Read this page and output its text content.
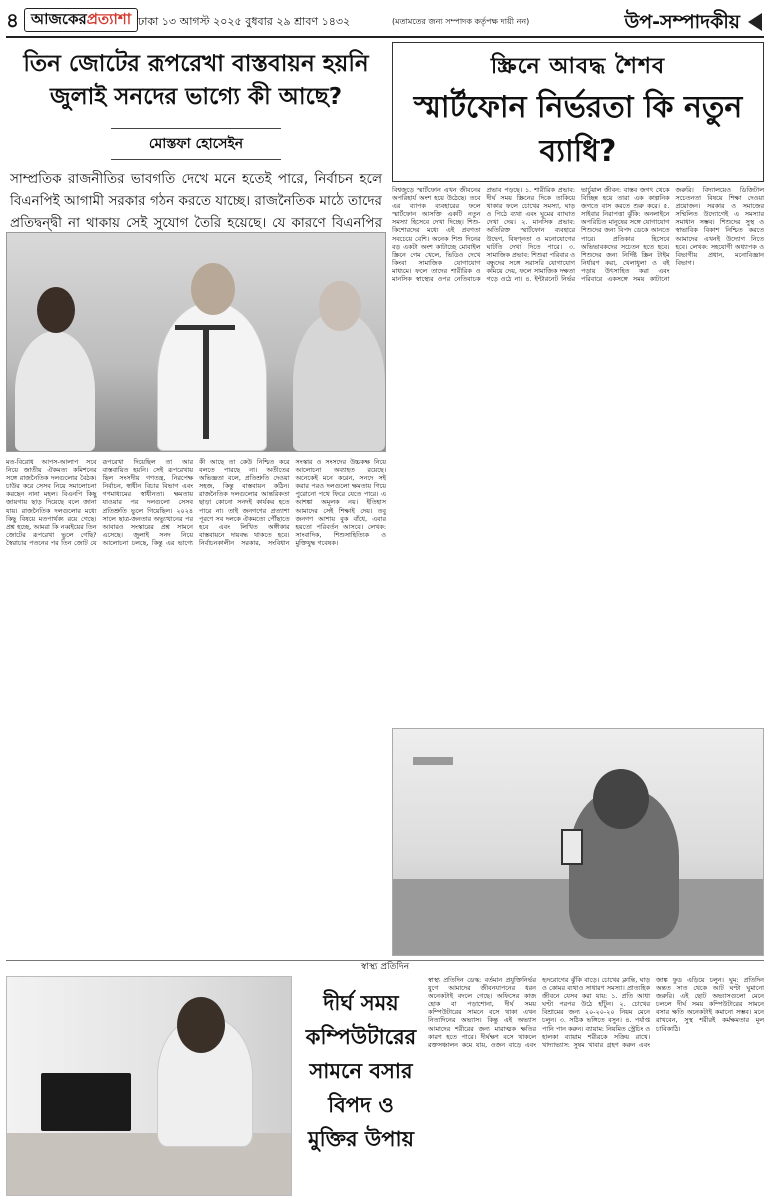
৪ আজকেরপ্রত্যাশা ঢাকা ১৩ আগস্ট ২০২৫ বুধবার ২৯ শ্রাবণ ১৪৩২	(মতামতের জন্য সম্পাদক কর্তৃপক্ষ দায়ী নন)	উপ-সম্পাদকীয়
তিন জোটের রূপরেখা বাস্তবায়ন হয়নি জুলাই সনদের ভাগ্যে কী আছে?
মোস্তফা হোসেইন

সাম্প্রতিক রাজনীতির ভাবগতি দেখে মনে হতেই পারে, নির্বাচন হলে বিএনপিই আগামী সরকার গঠন করতে যাচ্ছে। রাজনৈতিক মাঠে তাদের প্রতিদ্বন্দ্বী না থাকায় সেই সুযোগ তৈরি হয়েছে। যে কারণে বিএনপির

মত-বিরোধ আপস-আলাপ সবে নিয়ে জাতীয় ঐকমত্য কমিশনের সঙ্গে রাজনৈতিক দলগুলোর বৈঠক। চাউর করে সেসব নিয়ে সমালোচনা করছেন নানা মহল। বিএনপি কিছু জায়গায় ছাড় দিয়েছে বলে জানা যায়। রাজনৈতিক দলগুলোর মধ্যে কিছু বিষয়ে মতপার্থক্য রয়ে গেছে। প্রশ্ন হচ্ছে, আমরা কি নব্বইয়ের তিন জোটের রূপরেখা ভুলে গেছি? স্বৈরাচার পতনের পর তিন জোট যে রূপরেখা দিয়েছিল তা আর বাস্তবায়িত হয়নি। সেই রূপরেখায় ছিল সংসদীয় গণতন্ত্র, নিরপেক্ষ নির্বাচন, স্বাধীন বিচার বিভাগ এবং গণমাধ্যমের স্বাধীনতা। ক্ষমতায় যাওয়ার পর দলগুলো সেসব প্রতিশ্রুতি ভুলে গিয়েছিল। ২০২৪ সালে ছাত্র-জনতার অভ্যুত্থানের পর আবারও সংস্কারের প্রশ্ন সামনে এসেছে। জুলাই সনদ নিয়ে আলোচনা চলছে, কিন্তু এর ভাগ্যে কী আছে তা কেউ নিশ্চিত করে বলতে পারছে না। অতীতের অভিজ্ঞতা বলে, প্রতিশ্রুতি দেওয়া সহজ, কিন্তু বাস্তবায়ন কঠিন। রাজনৈতিক দলগুলোর আন্তরিকতা ছাড়া কোনো সনদই কার্যকর হতে পারে না। তাই জনগণের প্রত্যাশা পূরণে সব দলকে ঐকমত্যে পৌঁছাতে হবে এবং লিখিত অঙ্গীকার বাস্তবায়নে দায়বদ্ধ থাকতে হবে। নির্বাচনকালীন সরকার, সংবিধান সংস্কার ও সংসদের উচ্চকক্ষ নিয়ে আলোচনা অব্যাহত রয়েছে। অনেকেই মনে করেন, সনদে সই করার পরও দলগুলো ক্ষমতায় গিয়ে পুরোনো পথে ফিরে যেতে পারে। এ আশঙ্কা অমূলক নয়। ইতিহাস আমাদের সেই শিক্ষাই দেয়। তবু জনগণ আশায় বুক বাঁধে, এবার হয়তো পরিবর্তন আসবে। লেখক: সাংবাদিক, শিশুসাহিত্যিক ও মুক্তিযুদ্ধ গবেষক।
স্ক্রিনে আবদ্ধ শৈশব
স্মার্টফোন নির্ভরতা কি নতুন ব্যাধি?
বিশ্বজুড়ে স্মার্টফোন এখন জীবনের অপরিহার্য অংশ হয়ে উঠেছে। তবে এর ব্যাপক ব্যবহারের ফলে স্মার্টফোন আসক্তি একটি নতুন সমস্যা হিসেবে দেখা দিচ্ছে। শিশু-কিশোরদের মধ্যে এই প্রবণতা সবচেয়ে বেশি। অনেক শিশু দিনের বড় একটা অংশ কাটাচ্ছে মোবাইল স্ক্রিনে গেম খেলে, ভিডিও দেখে কিংবা সামাজিক যোগাযোগ মাধ্যমে। ফলে তাদের শারীরিক ও মানসিক স্বাস্থ্যের ওপর নেতিবাচক প্রভাব পড়ছে। ১. শারীরিক প্রভাব: দীর্ঘ সময় স্ক্রিনের দিকে তাকিয়ে থাকার ফলে চোখের সমস্যা, ঘাড় ও পিঠে ব্যথা এবং ঘুমের ব্যাঘাত দেখা দেয়। ২. মানসিক প্রভাব: অতিরিক্ত স্মার্টফোন ব্যবহারে উদ্বেগ, বিষণ্নতা ও মনোযোগের ঘাটতি দেখা দিতে পারে। ৩. সামাজিক প্রভাব: শিশুরা পরিবার ও বন্ধুদের সঙ্গে সরাসরি যোগাযোগ কমিয়ে দেয়, ফলে সামাজিক দক্ষতা গড়ে ওঠে না। ৪. ইন্টারনেট নির্ভর ভার্চুয়াল জীবন: বাস্তব জগৎ থেকে বিচ্ছিন্ন হয়ে তারা এক কাল্পনিক জগতে বাস করতে শুরু করে। ৫. সাইবার নিরাপত্তা ঝুঁকি: অনলাইনে অপরিচিত মানুষের সঙ্গে যোগাযোগ শিশুদের জন্য বিপদ ডেকে আনতে পারে। প্রতিকার হিসেবে অভিভাবকদের সচেতন হতে হবে। শিশুদের জন্য নির্দিষ্ট স্ক্রিন টাইম নির্ধারণ করা, খেলাধুলা ও বই পড়ায় উৎসাহিত করা এবং পরিবারে একসঙ্গে সময় কাটানো জরুরি। বিদ্যালয়েও ডিজিটাল সচেতনতা বিষয়ে শিক্ষা দেওয়া প্রয়োজন। সরকার ও সমাজের সম্মিলিত উদ্যোগেই এ সমস্যার সমাধান সম্ভব। শিশুদের সুস্থ ও স্বাভাবিক বিকাশ নিশ্চিত করতে আমাদের এখনই উদ্যোগ নিতে হবে। লেখক: সহযোগী অধ্যাপক ও বিভাগীয় প্রধান, মনোবিজ্ঞান বিভাগ।
স্বাস্থ্য প্রতিদিন
দীর্ঘ সময় কম্পিউটারের সামনে বসার বিপদ ও মুক্তির উপায়
স্বাস্থ্য প্রতিদিন ডেস্ক: বর্তমান প্রযুক্তিনির্ভর যুগে আমাদের জীবনযাপনের ধরন অনেকটাই বদলে গেছে। অফিসের কাজ হোক বা পড়াশোনা, দীর্ঘ সময় কম্পিউটারের সামনে বসে থাকা এখন নিত্যদিনের অভ্যাস। কিন্তু এই অভ্যাস আমাদের শরীরের জন্য মারাত্মক ক্ষতির কারণ হতে পারে। দীর্ঘক্ষণ বসে থাকলে রক্তসঞ্চালন কমে যায়, ওজন বাড়ে এবং হৃদরোগের ঝুঁকি বাড়ে। চোখের ক্লান্তি, ঘাড় ও কোমর ব্যথাও সাধারণ সমস্যা। প্রাত্যহিক জীবনে যেসব করা যায়: ১. প্রতি আধা ঘণ্টা পরপর উঠে হাঁটুন। ২. চোখের বিশ্রামের জন্য ২০-২০-২০ নিয়ম মেনে চলুন। ৩. সঠিক ভঙ্গিতে বসুন। ৪. পর্যাপ্ত পানি পান করুন। ব্যায়াম: নিয়মিত স্ট্রেচিং ও হালকা ব্যায়াম শরীরকে সক্রিয় রাখে। খাদ্যাভ্যাস: সুষম খাবার গ্রহণ করুন এবং জাঙ্ক ফুড এড়িয়ে চলুন। ঘুম: প্রতিদিন অন্তত সাত থেকে আট ঘণ্টা ঘুমানো জরুরি। এই ছোট অভ্যাসগুলো মেনে চললে দীর্ঘ সময় কম্পিউটারের সামনে বসার ক্ষতি অনেকটাই কমানো সম্ভব। মনে রাখবেন, সুস্থ শরীরই কর্মক্ষমতার মূল চাবিকাঠি।
